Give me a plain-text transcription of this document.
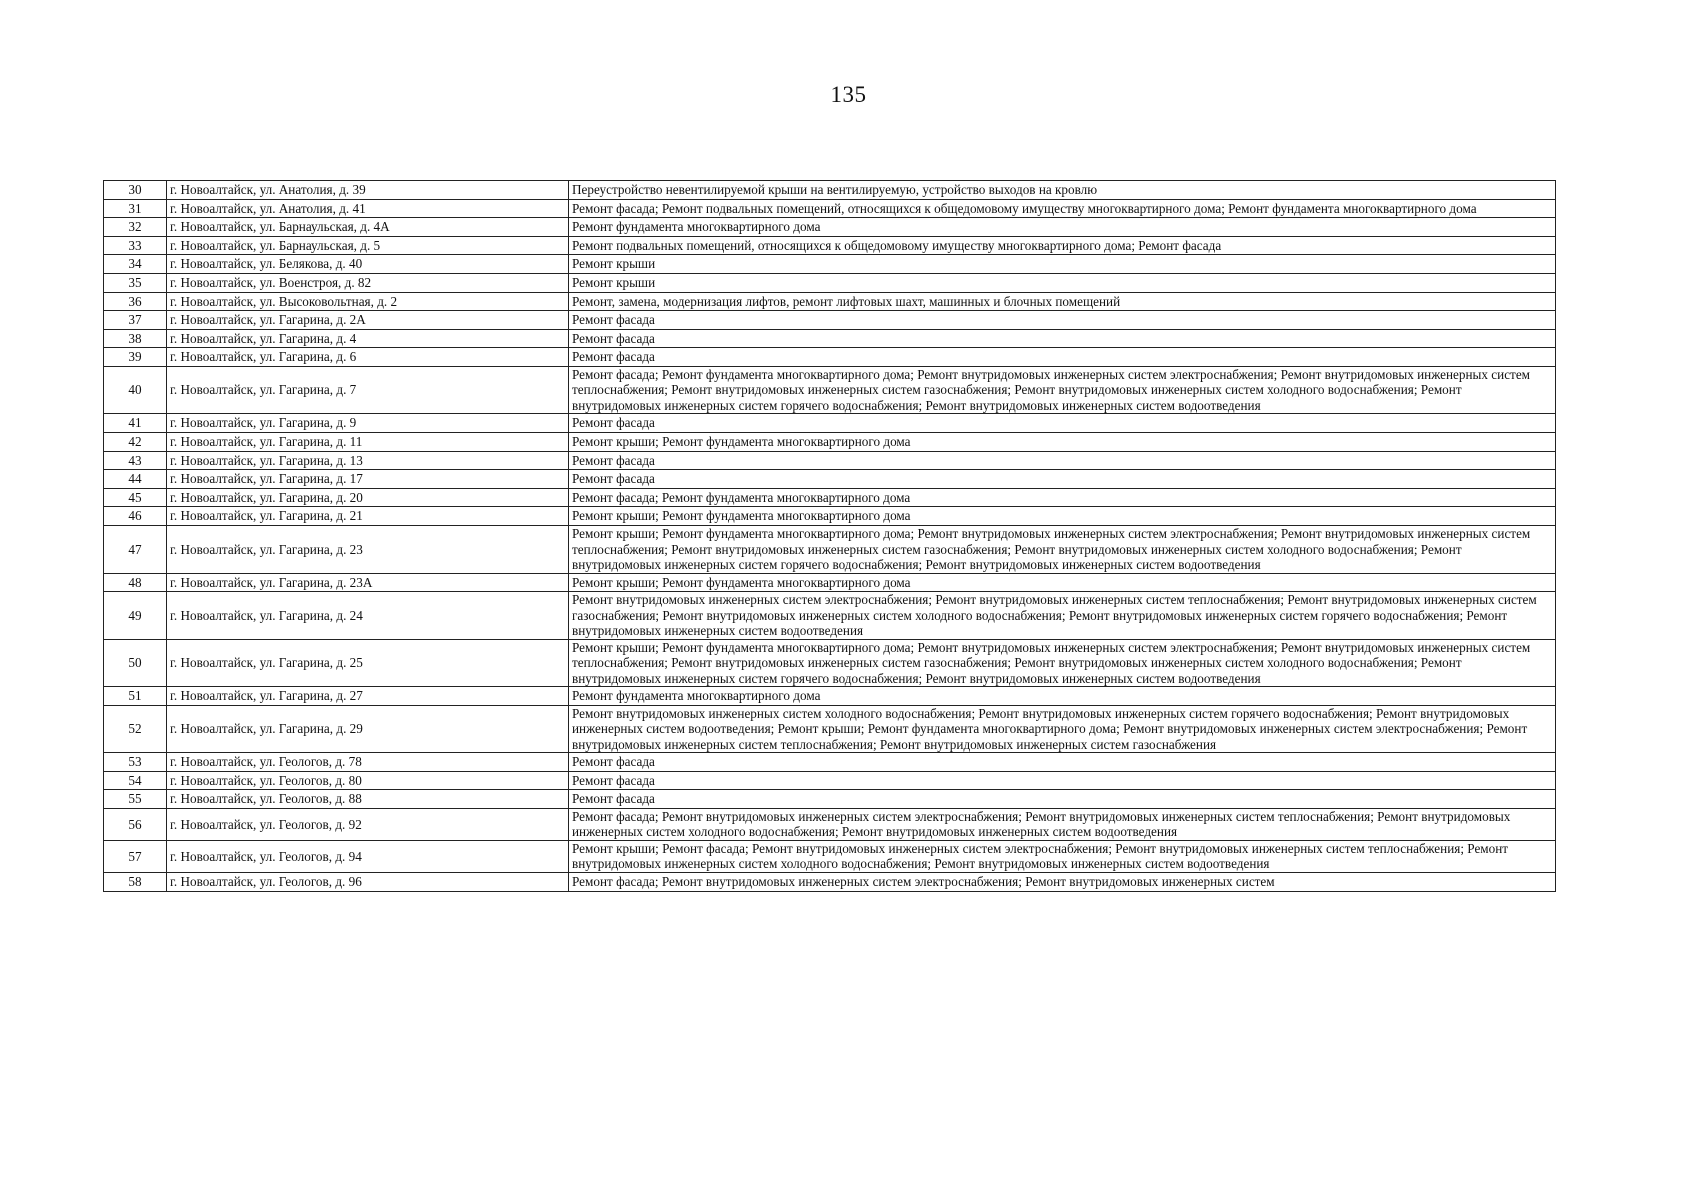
135
30	г. Новоалтайск, ул. Анатолия, д. 39	Переустройство невентилируемой крыши на вентилируемую, устройство выходов на кровлю
31	г. Новоалтайск, ул. Анатолия, д. 41	Ремонт фасада; Ремонт подвальных помещений, относящихся к общедомовому имуществу многоквартирного дома; Ремонт фундамента многоквартирного дома
32	г. Новоалтайск, ул. Барнаульская, д. 4А	Ремонт фундамента многоквартирного дома
33	г. Новоалтайск, ул. Барнаульская, д. 5	Ремонт подвальных помещений, относящихся к общедомовому имуществу многоквартирного дома; Ремонт фасада
34	г. Новоалтайск, ул. Белякова, д. 40	Ремонт крыши
35	г. Новоалтайск, ул. Военстроя, д. 82	Ремонт крыши
36	г. Новоалтайск, ул. Высоковольтная, д. 2	Ремонт, замена, модернизация лифтов, ремонт лифтовых шахт, машинных и блочных помещений
37	г. Новоалтайск, ул. Гагарина, д. 2А	Ремонт фасада
38	г. Новоалтайск, ул. Гагарина, д. 4	Ремонт фасада
39	г. Новоалтайск, ул. Гагарина, д. 6	Ремонт фасада
40	г. Новоалтайск, ул. Гагарина, д. 7	Ремонт фасада; Ремонт фундамента многоквартирного дома; Ремонт внутридомовых инженерных систем электроснабжения; Ремонт внутридомовых инженерных систем теплоснабжения; Ремонт внутридомовых инженерных систем газоснабжения; Ремонт внутридомовых инженерных систем холодного водоснабжения; Ремонт внутридомовых инженерных систем горячего водоснабжения; Ремонт внутридомовых инженерных систем водоотведения
41	г. Новоалтайск, ул. Гагарина, д. 9	Ремонт фасада
42	г. Новоалтайск, ул. Гагарина, д. 11	Ремонт крыши; Ремонт фундамента многоквартирного дома
43	г. Новоалтайск, ул. Гагарина, д. 13	Ремонт фасада
44	г. Новоалтайск, ул. Гагарина, д. 17	Ремонт фасада
45	г. Новоалтайск, ул. Гагарина, д. 20	Ремонт фасада; Ремонт фундамента многоквартирного дома
46	г. Новоалтайск, ул. Гагарина, д. 21	Ремонт крыши; Ремонт фундамента многоквартирного дома
47	г. Новоалтайск, ул. Гагарина, д. 23	Ремонт крыши; Ремонт фундамента многоквартирного дома; Ремонт внутридомовых инженерных систем электроснабжения; Ремонт внутридомовых инженерных систем теплоснабжения; Ремонт внутридомовых инженерных систем газоснабжения; Ремонт внутридомовых инженерных систем холодного водоснабжения; Ремонт внутридомовых инженерных систем горячего водоснабжения; Ремонт внутридомовых инженерных систем водоотведения
48	г. Новоалтайск, ул. Гагарина, д. 23А	Ремонт крыши; Ремонт фундамента многоквартирного дома
49	г. Новоалтайск, ул. Гагарина, д. 24	Ремонт внутридомовых инженерных систем электроснабжения; Ремонт внутридомовых инженерных систем теплоснабжения; Ремонт внутридомовых инженерных систем газоснабжения; Ремонт внутридомовых инженерных систем холодного водоснабжения; Ремонт внутридомовых инженерных систем горячего водоснабжения; Ремонт внутридомовых инженерных систем водоотведения
50	г. Новоалтайск, ул. Гагарина, д. 25	Ремонт крыши; Ремонт фундамента многоквартирного дома; Ремонт внутридомовых инженерных систем электроснабжения; Ремонт внутридомовых инженерных систем теплоснабжения; Ремонт внутридомовых инженерных систем газоснабжения; Ремонт внутридомовых инженерных систем холодного водоснабжения; Ремонт внутридомовых инженерных систем горячего водоснабжения; Ремонт внутридомовых инженерных систем водоотведения
51	г. Новоалтайск, ул. Гагарина, д. 27	Ремонт фундамента многоквартирного дома
52	г. Новоалтайск, ул. Гагарина, д. 29	Ремонт внутридомовых инженерных систем холодного водоснабжения; Ремонт внутридомовых инженерных систем горячего водоснабжения; Ремонт внутридомовых инженерных систем водоотведения; Ремонт крыши; Ремонт фундамента многоквартирного дома; Ремонт внутридомовых инженерных систем электроснабжения; Ремонт внутридомовых инженерных систем теплоснабжения; Ремонт внутридомовых инженерных систем газоснабжения
53	г. Новоалтайск, ул. Геологов, д. 78	Ремонт фасада
54	г. Новоалтайск, ул. Геологов, д. 80	Ремонт фасада
55	г. Новоалтайск, ул. Геологов, д. 88	Ремонт фасада
56	г. Новоалтайск, ул. Геологов, д. 92	Ремонт фасада; Ремонт внутридомовых инженерных систем электроснабжения; Ремонт внутридомовых инженерных систем теплоснабжения; Ремонт внутридомовых инженерных систем холодного водоснабжения; Ремонт внутридомовых инженерных систем водоотведения
57	г. Новоалтайск, ул. Геологов, д. 94	Ремонт крыши; Ремонт фасада; Ремонт внутридомовых инженерных систем электроснабжения; Ремонт внутридомовых инженерных систем теплоснабжения; Ремонт внутридомовых инженерных систем холодного водоснабжения; Ремонт внутридомовых инженерных систем водоотведения
58	г. Новоалтайск, ул. Геологов, д. 96	Ремонт фасада; Ремонт внутридомовых инженерных систем электроснабжения; Ремонт внутридомовых инженерных систем
